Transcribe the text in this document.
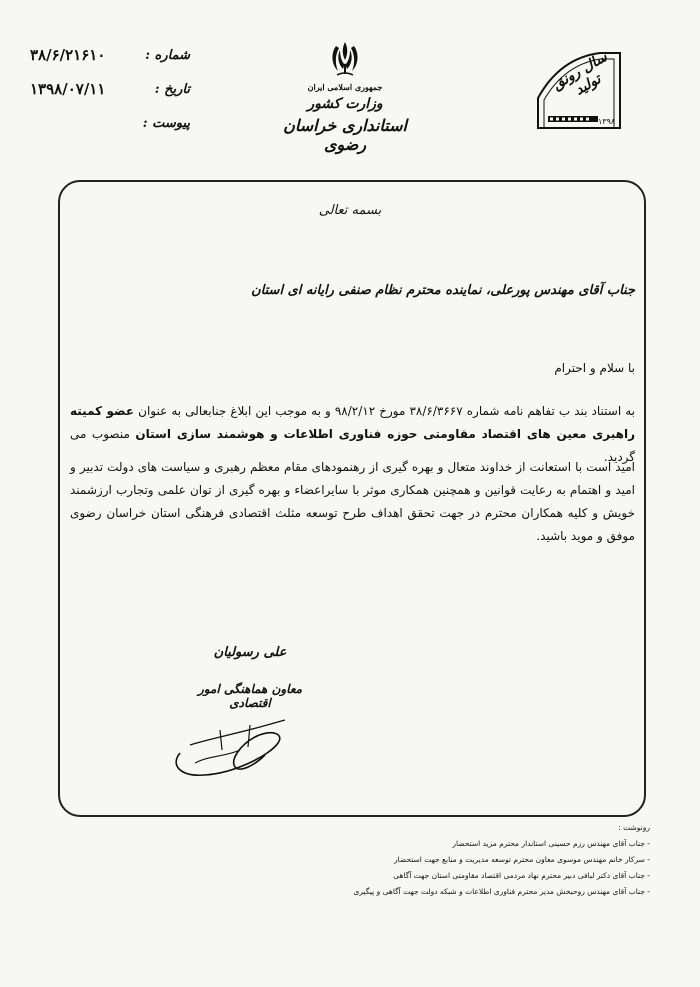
شماره :
۳۸/۶/۲۱۶۱۰
تاریخ :
۱۳۹۸/۰۷/۱۱
پیوست :
جمهوری اسلامی ایران
وزارت کشور
استانداری خراسان رضوی
سال رونق تولید
۱۳۹۸
بسمه تعالی
جناب آقای مهندس پورعلی، نماینده محترم نظام صنفی رایانه ای استان
با سلام و احترام
به استناد بند ب تفاهم نامه شماره ۳۸/۶/۳۶۶۷ مورخ ۹۸/۲/۱۲ و به موجب این ابلاغ جنابعالی به عنوان عضو کمیته راهبری معین های اقتصاد مقاومتی حوزه فناوری اطلاعات و هوشمند سازی استان منصوب می گردید.
امید است با استعانت از خداوند متعال و بهره گیری از رهنمودهای مقام معظم رهبری و سیاست های دولت تدبیر و امید و اهتمام به رعایت قوانین و همچنین همکاری موثر با سایراعضاء و بهره گیری از توان علمی وتجارب ارزشمند خویش و کلیه همکاران محترم در جهت تحقق اهداف طرح توسعه مثلث اقتصادی فرهنگی استان خراسان رضوی موفق و موید باشید.
علی رسولیان
معاون هماهنگی امور اقتصادی
رونوشت :
- جناب آقای مهندس رزم حسینی استاندار محترم مزید استحضار
- سرکار خانم مهندس موسوی معاون محترم توسعه مدیریت و منابع جهت استحضار
- جناب آقای دکتر لبافی دبیر محترم نهاد مردمی اقتصاد مقاومتی استان جهت آگاهی
- جناب آقای مهندس روحبخش مدیر محترم فناوری اطلاعات و شبکه دولت جهت آگاهی و پیگیری
